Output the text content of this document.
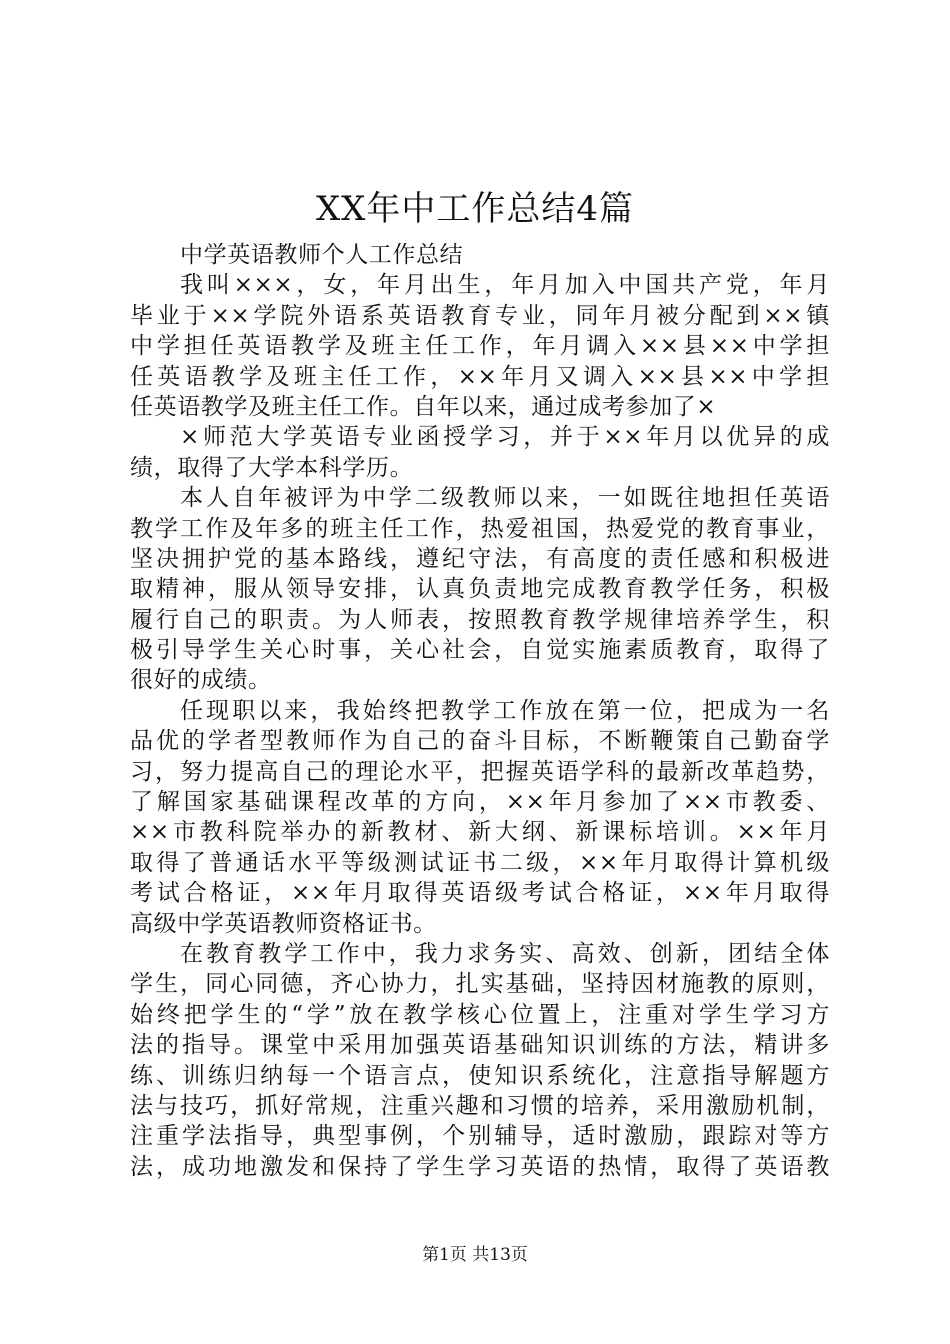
XX年中工作总结4篇
中学英语教师个人工作总结
我叫×××，女，年月出生，年月加入中国共产党，年月
毕业于××学院外语系英语教育专业，同年月被分配到××镇
中学担任英语教学及班主任工作，年月调入××县××中学担
任英语教学及班主任工作，××年月又调入××县××中学担
任英语教学及班主任工作。自年以来，通过成考参加了×
×师范大学英语专业函授学习，并于××年月以优异的成
绩，取得了大学本科学历。
本人自年被评为中学二级教师以来，一如既往地担任英语
教学工作及年多的班主任工作，热爱祖国，热爱党的教育事业，
坚决拥护党的基本路线，遵纪守法，有高度的责任感和积极进
取精神，服从领导安排，认真负责地完成教育教学任务，积极
履行自己的职责。为人师表，按照教育教学规律培养学生，积
极引导学生关心时事，关心社会，自觉实施素质教育，取得了
很好的成绩。
任现职以来，我始终把教学工作放在第一位，把成为一名
品优的学者型教师作为自己的奋斗目标，不断鞭策自己勤奋学
习，努力提高自己的理论水平，把握英语学科的最新改革趋势，
了解国家基础课程改革的方向，××年月参加了××市教委、
××市教科院举办的新教材、新大纲、新课标培训。××年月
取得了普通话水平等级测试证书二级，××年月取得计算机级
考试合格证，××年月取得英语级考试合格证，××年月取得
高级中学英语教师资格证书。
在教育教学工作中，我力求务实、高效、创新，团结全体
学生，同心同德，齐心协力，扎实基础，坚持因材施教的原则，
始终把学生的“学”放在教学核心位置上，注重对学生学习方
法的指导。课堂中采用加强英语基础知识训练的方法，精讲多
练、训练归纳每一个语言点，使知识系统化，注意指导解题方
法与技巧，抓好常规，注重兴趣和习惯的培养，采用激励机制，
注重学法指导，典型事例，个别辅导，适时激励，跟踪对等方
法，成功地激发和保持了学生学习英语的热情，取得了英语教
第1页 共13页
